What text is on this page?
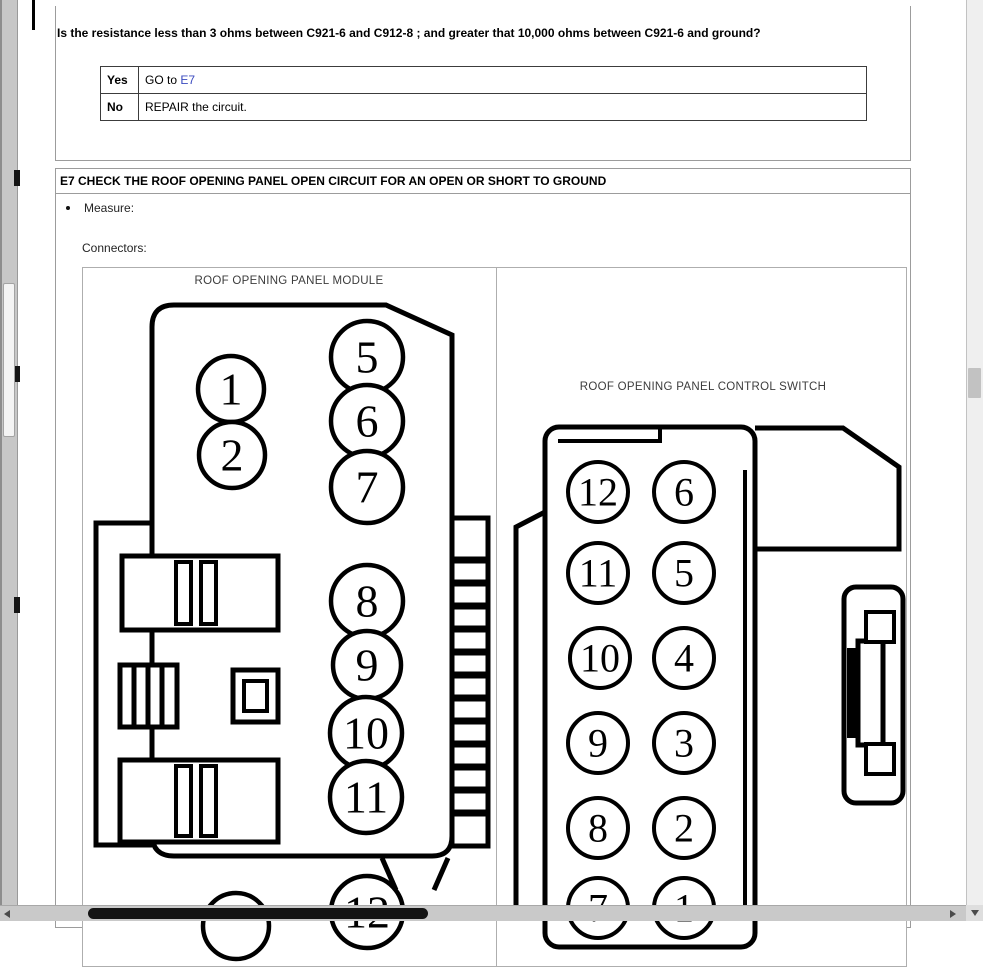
Is the resistance less than 3 ohms between C921-6 and C912-8 ; and greater that 10,000 ohms between C921-6 and ground?
Yes	GO to E7
No	REPAIR the circuit.
E7 CHECK THE ROOF OPENING PANEL OPEN CIRCUIT FOR AN OPEN OR SHORT TO GROUND
Measure:
Connectors:
ROOF OPENING PANEL MODULE
ROOF OPENING PANEL CONTROL SWITCH
1
2
5
6
7
8
9
10
11
12 6
11 5
10 4
9 3
8 2
